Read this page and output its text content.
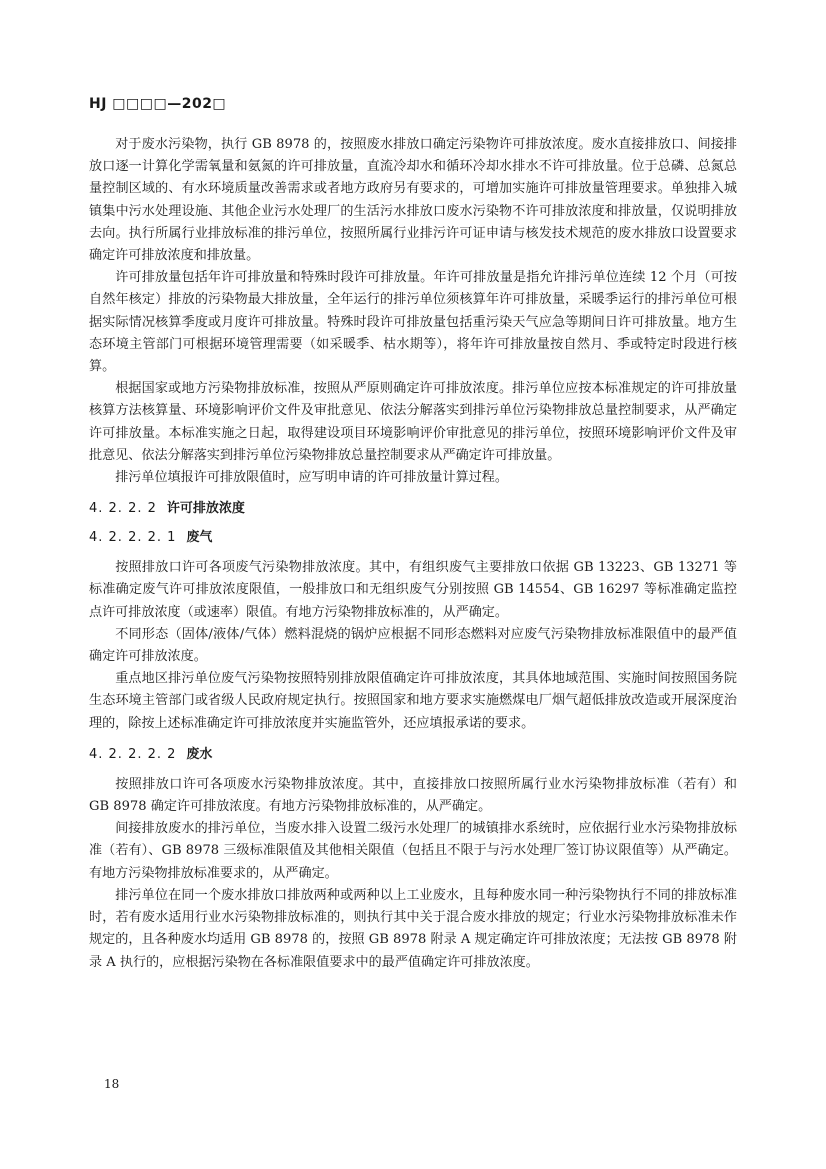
HJ □□□□—202□

对于废水污染物，执行 GB 8978 的，按照废水排放口确定污染物许可排放浓度。废水直接排放口、间接排放口逐一计算化学需氧量和氨氮的许可排放量，直流冷却水和循环冷却水排水不许可排放量。位于总磷、总氮总量控制区域的、有水环境质量改善需求或者地方政府另有要求的，可增加实施许可排放量管理要求。单独排入城镇集中污水处理设施、其他企业污水处理厂的生活污水排放口废水污染物不许可排放浓度和排放量，仅说明排放去向。执行所属行业排放标准的排污单位，按照所属行业排污许可证申请与核发技术规范的废水排放口设置要求确定许可排放浓度和排放量。

许可排放量包括年许可排放量和特殊时段许可排放量。年许可排放量是指允许排污单位连续 12 个月（可按自然年核定）排放的污染物最大排放量，全年运行的排污单位须核算年许可排放量，采暖季运行的排污单位可根据实际情况核算季度或月度许可排放量。特殊时段许可排放量包括重污染天气应急等期间日许可排放量。地方生态环境主管部门可根据环境管理需要（如采暖季、枯水期等），将年许可排放量按自然月、季或特定时段进行核算。

根据国家或地方污染物排放标准，按照从严原则确定许可排放浓度。排污单位应按本标准规定的许可排放量核算方法核算量、环境影响评价文件及审批意见、依法分解落实到排污单位污染物排放总量控制要求，从严确定许可排放量。本标准实施之日起，取得建设项目环境影响评价审批意见的排污单位，按照环境影响评价文件及审批意见、依法分解落实到排污单位污染物排放总量控制要求从严确定许可排放量。

排污单位填报许可排放限值时，应写明申请的许可排放量计算过程。

4. 2. 2. 2 许可排放浓度
4. 2. 2. 2. 1 废气

按照排放口许可各项废气污染物排放浓度。其中，有组织废气主要排放口依据 GB 13223、GB 13271 等标准确定废气许可排放浓度限值，一般排放口和无组织废气分别按照 GB 14554、GB 16297 等标准确定监控点许可排放浓度（或速率）限值。有地方污染物排放标准的，从严确定。

不同形态（固体/液体/气体）燃料混烧的锅炉应根据不同形态燃料对应废气污染物排放标准限值中的最严值确定许可排放浓度。

重点地区排污单位废气污染物按照特别排放限值确定许可排放浓度，其具体地域范围、实施时间按照国务院生态环境主管部门或省级人民政府规定执行。按照国家和地方要求实施燃煤电厂烟气超低排放改造或开展深度治理的，除按上述标准确定许可排放浓度并实施监管外，还应填报承诺的要求。

4. 2. 2. 2. 2 废水

按照排放口许可各项废水污染物排放浓度。其中，直接排放口按照所属行业水污染物排放标准（若有）和 GB 8978 确定许可排放浓度。有地方污染物排放标准的，从严确定。

间接排放废水的排污单位，当废水排入设置二级污水处理厂的城镇排水系统时，应依据行业水污染物排放标准（若有）、GB 8978 三级标准限值及其他相关限值（包括且不限于与污水处理厂签订协议限值等）从严确定。有地方污染物排放标准要求的，从严确定。

排污单位在同一个废水排放口排放两种或两种以上工业废水，且每种废水同一种污染物执行不同的排放标准时，若有废水适用行业水污染物排放标准的，则执行其中关于混合废水排放的规定；行业水污染物排放标准未作规定的，且各种废水均适用 GB 8978 的，按照 GB 8978 附录 A 规定确定许可排放浓度；无法按 GB 8978 附录 A 执行的，应根据污染物在各标准限值要求中的最严值确定许可排放浓度。

18
